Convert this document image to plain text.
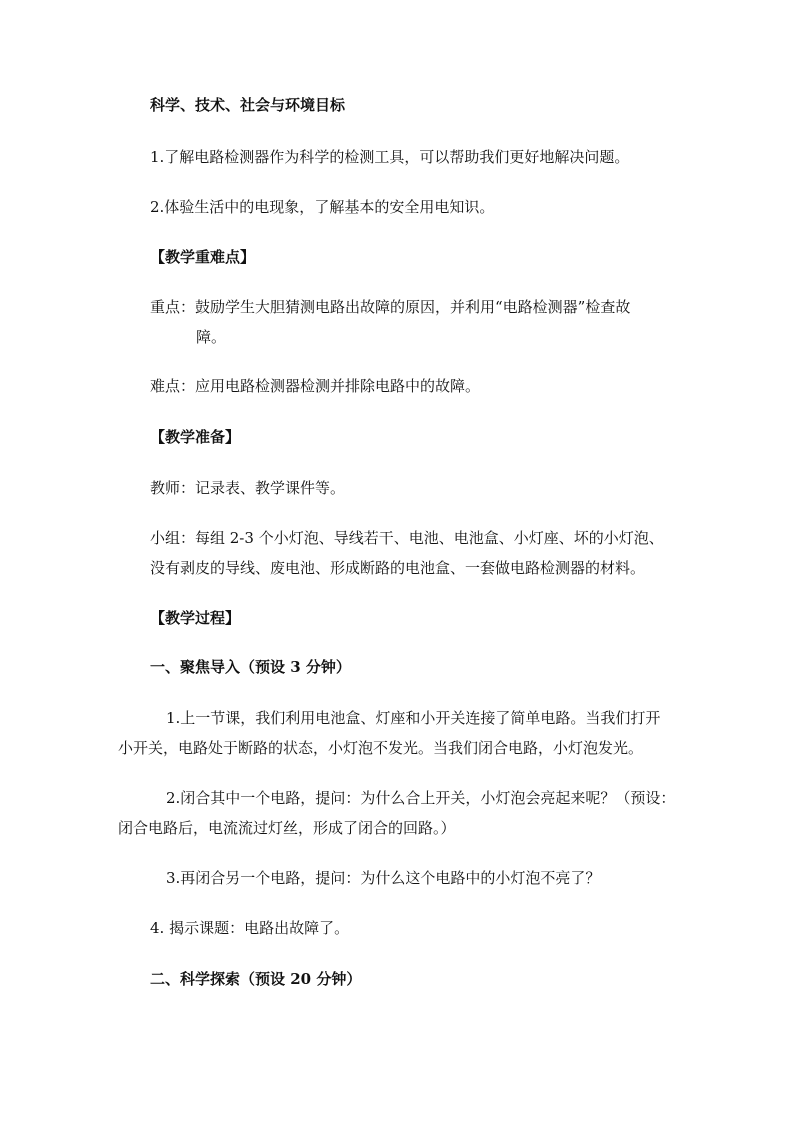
科学、技术、社会与环境目标
1.了解电路检测器作为科学的检测工具，可以帮助我们更好地解决问题。
2.体验生活中的电现象，了解基本的安全用电知识。
【教学重难点】
重点：鼓励学生大胆猜测电路出故障的原因，并利用“电路检测器”检查故
障。
难点：应用电路检测器检测并排除电路中的故障。
【教学准备】
教师：记录表、教学课件等。
小组：每组 2-3 个小灯泡、导线若干、电池、电池盒、小灯座、坏的小灯泡、
没有剥皮的导线、废电池、形成断路的电池盒、一套做电路检测器的材料。
【教学过程】
一、聚焦导入（预设 3 分钟）
1.上一节课，我们利用电池盒、灯座和小开关连接了简单电路。当我们打开
小开关，电路处于断路的状态，小灯泡不发光。当我们闭合电路，小灯泡发光。
2.闭合其中一个电路，提问：为什么合上开关，小灯泡会亮起来呢？（预设：
闭合电路后，电流流过灯丝，形成了闭合的回路。）
3.再闭合另一个电路，提问：为什么这个电路中的小灯泡不亮了？
4. 揭示课题：电路出故障了。
二、科学探索（预设 20 分钟）
